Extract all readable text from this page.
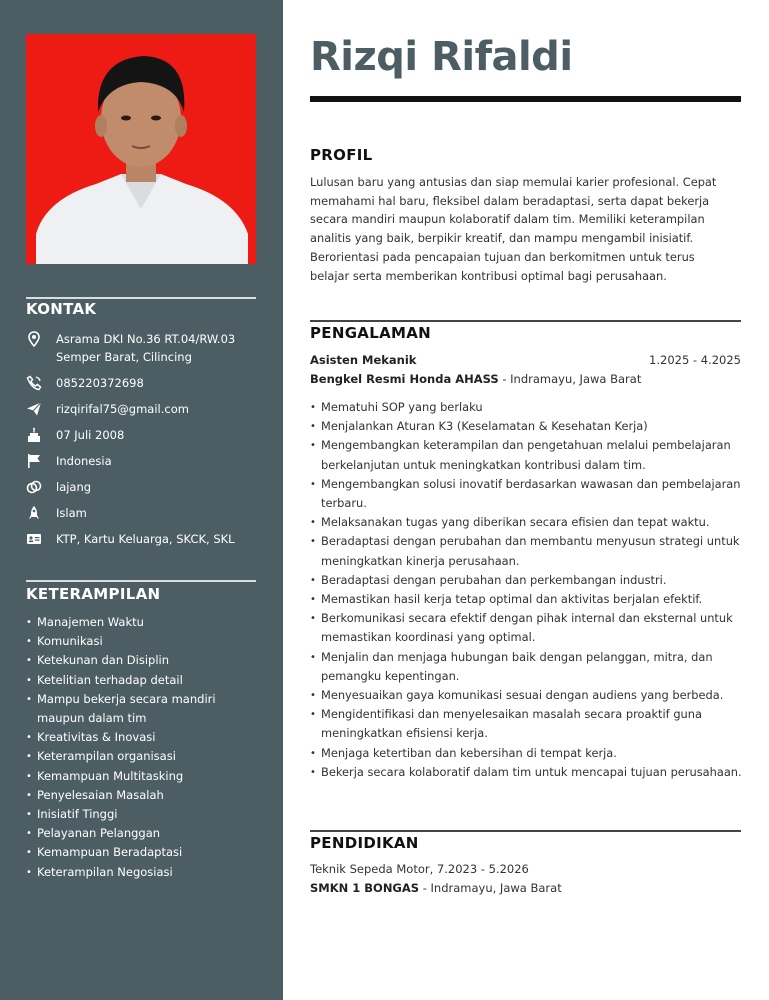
KONTAK
Asrama DKI No.36 RT.04/RW.03
Semper Barat, Cilincing
085220372698
rizqirifal75@gmail.com
07 Juli 2008
Indonesia
lajang
Islam
KTP, Kartu Keluarga, SKCK, SKL
KETERAMPILAN
• Manajemen Waktu
• Komunikasi
• Ketekunan dan Disiplin
• Ketelitian terhadap detail
• Mampu bekerja secara mandiri maupun dalam tim
• Kreativitas & Inovasi
• Keterampilan organisasi
• Kemampuan Multitasking
• Penyelesaian Masalah
• Inisiatif Tinggi
• Pelayanan Pelanggan
• Kemampuan Beradaptasi
• Keterampilan Negosiasi
Rizqi Rifaldi
PROFIL

Lulusan baru yang antusias dan siap memulai karier profesional. Cepat memahami hal baru, fleksibel dalam beradaptasi, serta dapat bekerja secara mandiri maupun kolaboratif dalam tim. Memiliki keterampilan analitis yang baik, berpikir kreatif, dan mampu mengambil inisiatif. Berorientasi pada pencapaian tujuan dan berkomitmen untuk terus belajar serta memberikan kontribusi optimal bagi perusahaan.

PENGALAMAN

Asisten Mekanik	1.2025 - 4.2025

Bengkel Resmi Honda AHASS - Indramayu, Jawa Barat

• Mematuhi SOP yang berlaku
• Menjalankan Aturan K3 (Keselamatan & Kesehatan Kerja)
• Mengembangkan keterampilan dan pengetahuan melalui pembelajaran berkelanjutan untuk meningkatkan kontribusi dalam tim.
• Mengembangkan solusi inovatif berdasarkan wawasan dan pembelajaran terbaru.
• Melaksanakan tugas yang diberikan secara efisien dan tepat waktu.
• Beradaptasi dengan perubahan dan membantu menyusun strategi untuk meningkatkan kinerja perusahaan.
• Beradaptasi dengan perubahan dan perkembangan industri.
• Memastikan hasil kerja tetap optimal dan aktivitas berjalan efektif.
• Berkomunikasi secara efektif dengan pihak internal dan eksternal untuk memastikan koordinasi yang optimal.
• Menjalin dan menjaga hubungan baik dengan pelanggan, mitra, dan pemangku kepentingan.
• Menyesuaikan gaya komunikasi sesuai dengan audiens yang berbeda.
• Mengidentifikasi dan menyelesaikan masalah secara proaktif guna meningkatkan efisiensi kerja.
• Menjaga ketertiban dan kebersihan di tempat kerja.
• Bekerja secara kolaboratif dalam tim untuk mencapai tujuan perusahaan.
PENDIDIKAN

Teknik Sepeda Motor, 7.2023 - 5.2026

SMKN 1 BONGAS - Indramayu, Jawa Barat
